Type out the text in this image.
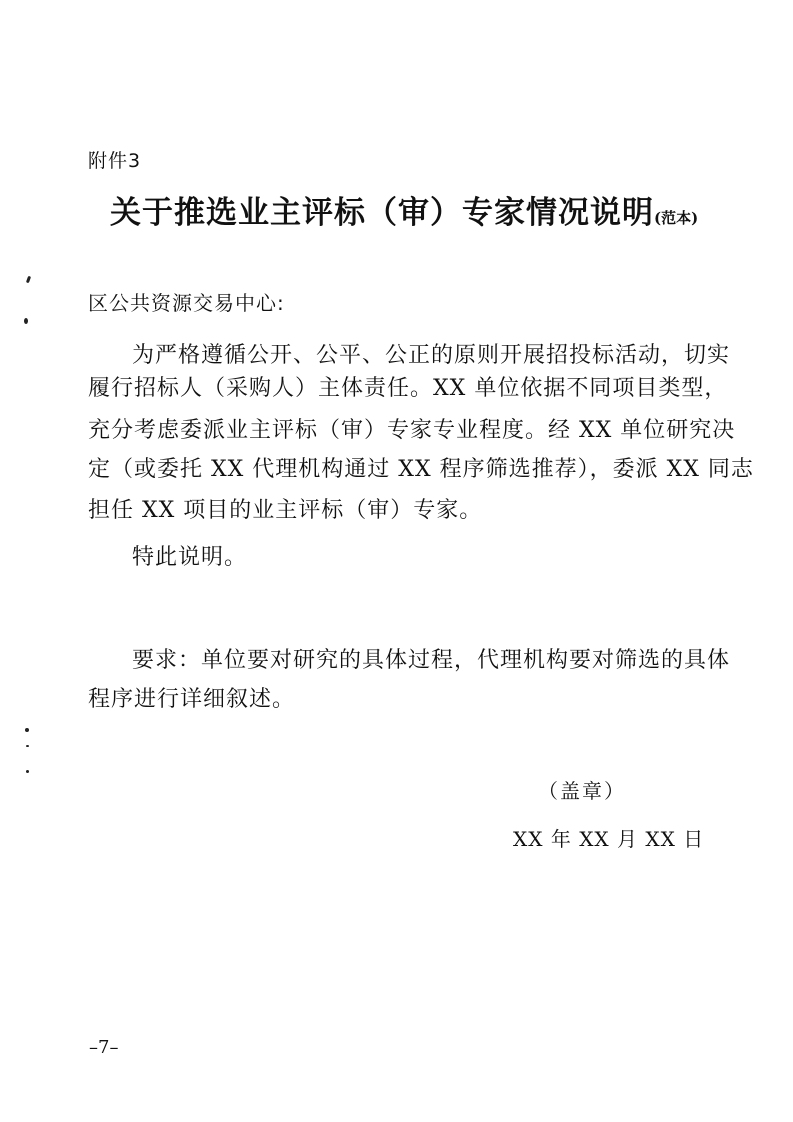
附件3
关于推选业主评标（审）专家情况说明(范本)
区公共资源交易中心:
为严格遵循公开、公平、公正的原则开展招投标活动，切实
履行招标人（采购人）主体责任。XX 单位依据不同项目类型，
充分考虑委派业主评标（审）专家专业程度。经 XX 单位研究决
定（或委托 XX 代理机构通过 XX 程序筛选推荐），委派 XX 同志
担任 XX 项目的业主评标（审）专家。
特此说明。
要求：单位要对研究的具体过程，代理机构要对筛选的具体
程序进行详细叙述。
（盖章）
XX 年 XX 月 XX 日
–7–
